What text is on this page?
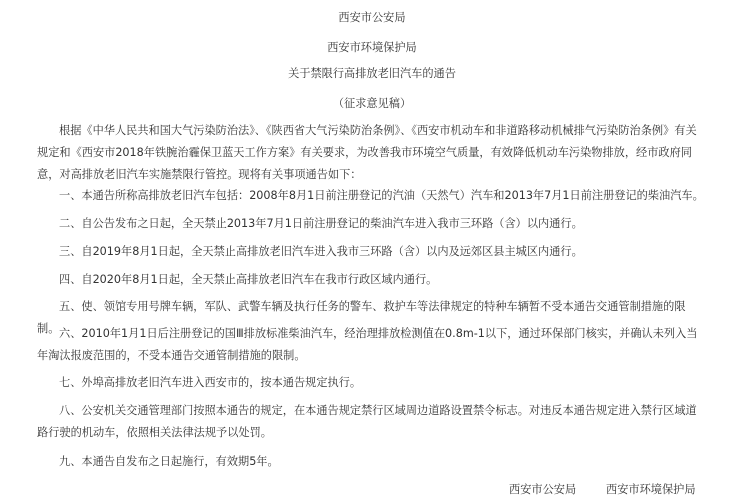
西安市公安局
西安市环境保护局
关于禁限行高排放老旧汽车的通告
（征求意见稿）
根据《中华人民共和国大气污染防治法》、《陕西省大气污染防治条例》、《西安市机动车和非道路移动机械排气污染防治条例》有关规定和《西安市2018年铁腕治霾保卫蓝天工作方案》有关要求，为改善我市环境空气质量，有效降低机动车污染物排放，经市政府同意，对高排放老旧汽车实施禁限行管控。现将有关事项通告如下：
一、本通告所称高排放老旧汽车包括：2008年8月1日前注册登记的汽油（天然气）汽车和2013年7月1日前注册登记的柴油汽车。
二、自公告发布之日起，全天禁止2013年7月1日前注册登记的柴油汽车进入我市三环路（含）以内通行。
三、自2019年8月1日起，全天禁止高排放老旧汽车进入我市三环路（含）以内及远郊区县主城区内通行。
四、自2020年8月1日起，全天禁止高排放老旧汽车在我市行政区域内通行。
五、使、领馆专用号牌车辆，军队、武警车辆及执行任务的警车、救护车等法律规定的特种车辆暂不受本通告交通管制措施的限制。 六、2010年1月1日后注册登记的国Ⅲ排放标准柴油汽车，经治理排放检测值在0.8m-1以下，通过环保部门核实，并确认未列入当年淘汰报废范围的，不受本通告交通管制措施的限制。
七、外埠高排放老旧汽车进入西安市的，按本通告规定执行。
八、公安机关交通管理部门按照本通告的规定，在本通告规定禁行区域周边道路设置禁令标志。对违反本通告规定进入禁行区域道路行驶的机动车，依照相关法律法规予以处罚。
九、本通告自发布之日起施行，有效期5年。
西安市公安局	西安市环境保护局
